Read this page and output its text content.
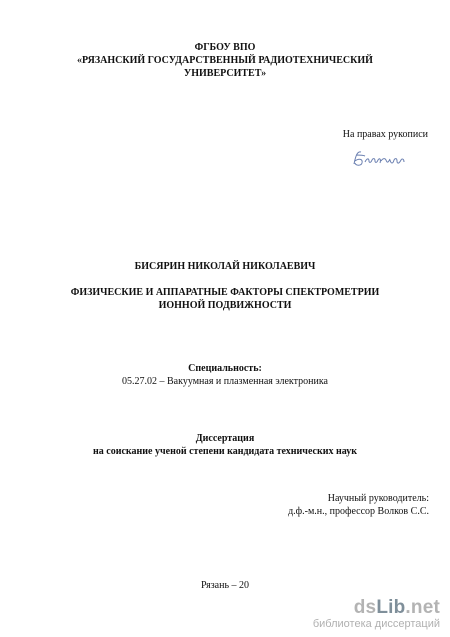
ФГБОУ ВПО
«РЯЗАНСКИЙ ГОСУДАРСТВЕННЫЙ РАДИОТЕХНИЧЕСКИЙ
УНИВЕРСИТЕТ»
На правах рукописи
БИСЯРИН НИКОЛАЙ НИКОЛАЕВИЧ
ФИЗИЧЕСКИЕ И АППАРАТНЫЕ ФАКТОРЫ СПЕКТРОМЕТРИИ
ИОННОЙ ПОДВИЖНОСТИ
Специальность:
05.27.02 – Вакуумная и плазменная электроника
Диссертация
на соискание ученой степени кандидата технических наук
Научный руководитель:
д.ф.-м.н., профессор Волков С.С.
Рязань – 20
dsLib.net
библиотека диссертаций
